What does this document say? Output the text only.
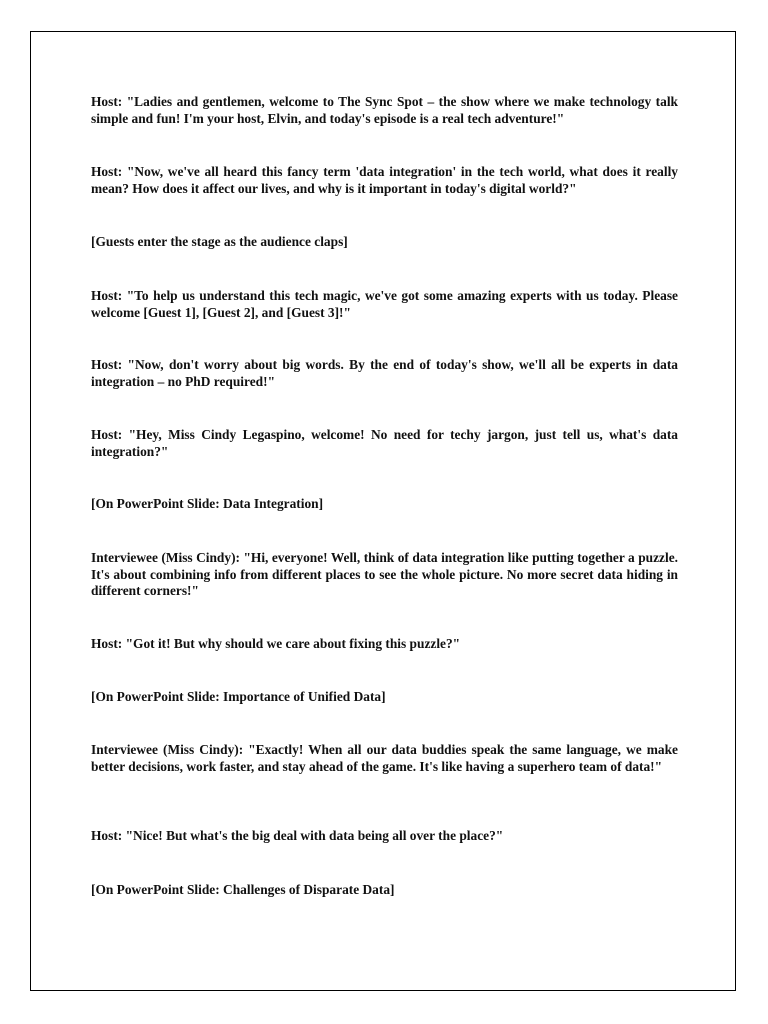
Host: "Ladies and gentlemen, welcome to The Sync Spot – the show where we make technology talk simple and fun! I'm your host, Elvin, and today's episode is a real tech adventure!"

Host: "Now, we've all heard this fancy term 'data integration' in the tech world, what does it really mean? How does it affect our lives, and why is it important in today's digital world?"

[Guests enter the stage as the audience claps]

Host: "To help us understand this tech magic, we've got some amazing experts with us today. Please welcome [Guest 1], [Guest 2], and [Guest 3]!"

Host: "Now, don't worry about big words. By the end of today's show, we'll all be experts in data integration – no PhD required!"

Host: "Hey, Miss Cindy Legaspino, welcome! No need for techy jargon, just tell us, what's data integration?"

[On PowerPoint Slide: Data Integration]

Interviewee (Miss Cindy): "Hi, everyone! Well, think of data integration like putting together a puzzle. It's about combining info from different places to see the whole picture. No more secret data hiding in different corners!"

Host: "Got it! But why should we care about fixing this puzzle?"

[On PowerPoint Slide: Importance of Unified Data]

Interviewee (Miss Cindy): "Exactly! When all our data buddies speak the same language, we make better decisions, work faster, and stay ahead of the game. It's like having a superhero team of data!"

Host: "Nice! But what's the big deal with data being all over the place?"

[On PowerPoint Slide: Challenges of Disparate Data]
